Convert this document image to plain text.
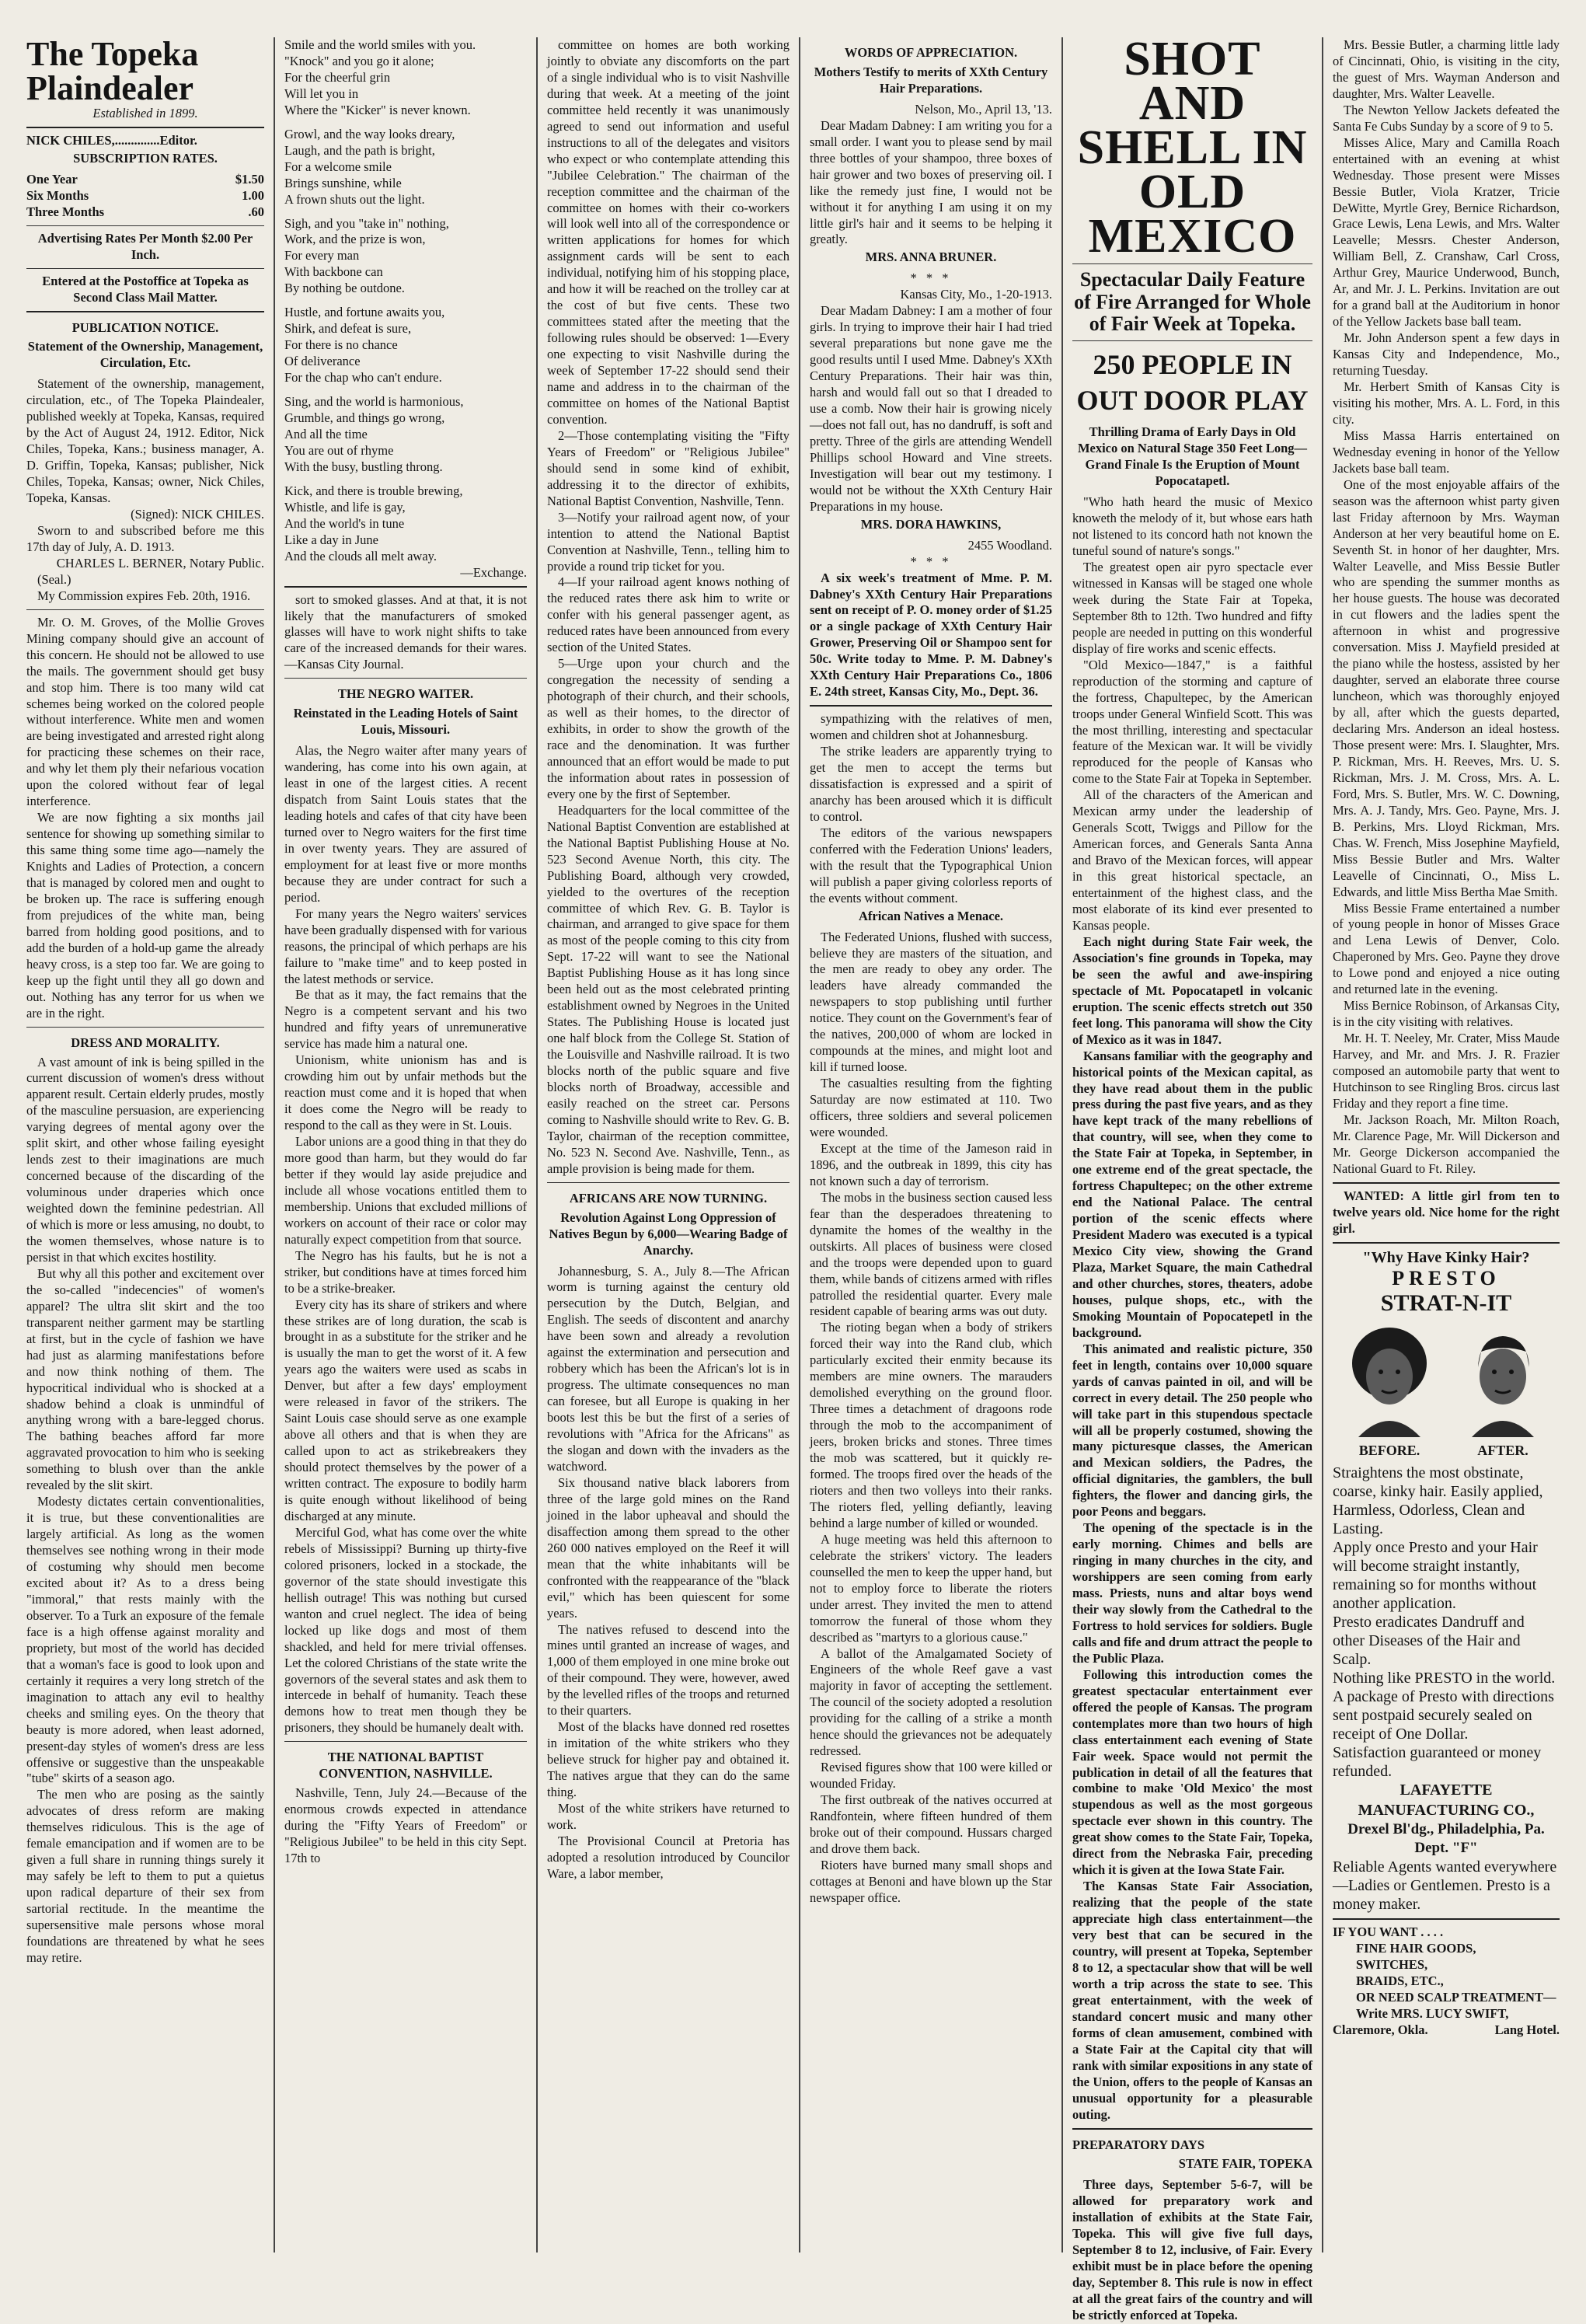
The Topeka Plaindealer

Established in 1899.

NICK CHILES,..............Editor.

SUBSCRIPTION RATES.

One Year	$1.50

Six Months	1.00

Three Months	.60

Advertising Rates Per Month $2.00 Per Inch.

Entered at the Postoffice at Topeka as Second Class Mail Matter.

PUBLICATION NOTICE.

Statement of the Ownership, Management, Circulation, Etc.

Statement of the ownership, management, circulation, etc., of The Topeka Plaindealer, published weekly at Topeka, Kansas, required by the Act of August 24, 1912. Editor, Nick Chiles, Topeka, Kans.; business manager, A. D. Griffin, Topeka, Kansas; publisher, Nick Chiles, Topeka, Kansas; owner, Nick Chiles, Topeka, Kansas.

(Signed): NICK CHILES.

Sworn to and subscribed before me this 17th day of July, A. D. 1913.

CHARLES L. BERNER, Notary Public.

(Seal.)

My Commission expires Feb. 20th, 1916.

Mr. O. M. Groves, of the Mollie Groves Mining company should give an account of this concern. He should not be allowed to use the mails. The government should get busy and stop him. There is too many wild cat schemes being worked on the colored people without interference. White men and women are being investigated and arrested right along for practicing these schemes on their race, and why let them ply their nefarious vocation upon the colored without fear of legal interference.

We are now fighting a six months jail sentence for showing up something similar to this same thing some time ago—namely the Knights and Ladies of Protection, a concern that is managed by colored men and ought to be broken up. The race is suffering enough from prejudices of the white man, being barred from holding good positions, and to add the burden of a hold-up game the already heavy cross, is a step too far. We are going to keep up the fight until they all go down and out. Nothing has any terror for us when we are in the right.

DRESS AND MORALITY.

A vast amount of ink is being spilled in the current discussion of women's dress without apparent result. Certain elderly prudes, mostly of the masculine persuasion, are experiencing varying degrees of mental agony over the split skirt, and other whose failing eyesight lends zest to their imaginations are much concerned because of the discarding of the voluminous under draperies which once weighted down the feminine pedestrian. All of which is more or less amusing, no doubt, to the women themselves, whose nature is to persist in that which excites hostility.

But why all this pother and excitement over the so-called "indecencies" of women's apparel? The ultra slit skirt and the too transparent neither garment may be startling at first, but in the cycle of fashion we have had just as alarming manifestations before and now think nothing of them. The hypocritical individual who is shocked at a shadow behind a cloak is unmindful of anything wrong with a bare-legged chorus. The bathing beaches afford far more aggravated provocation to him who is seeking something to blush over than the ankle revealed by the slit skirt.

Modesty dictates certain conventionalities, it is true, but these conventionalities are largely artificial. As long as the women themselves see nothing wrong in their mode of costuming why should men become excited about it? As to a dress being "immoral," that rests mainly with the observer. To a Turk an exposure of the female face is a high offense against morality and propriety, but most of the world has decided that a woman's face is good to look upon and certainly it requires a very long stretch of the imagination to attach any evil to healthy cheeks and smiling eyes. On the theory that beauty is more adored, when least adorned, present-day styles of women's dress are less offensive or suggestive than the unspeakable "tube" skirts of a season ago.

The men who are posing as the saintly advocates of dress reform are making themselves ridiculous. This is the age of female emancipation and if women are to be given a full share in running things surely it may safely be left to them to put a quietus upon radical departure of their sex from sartorial rectitude. In the meantime the supersensitive male persons whose moral foundations are threatened by what he sees may retire.

Smile and the world smiles with you.

"Knock" and you go it alone;

For the cheerful grin

Will let you in

Where the "Kicker" is never known.

Growl, and the way looks dreary,

Laugh, and the path is bright,

For a welcome smile

Brings sunshine, while

A frown shuts out the light.

Sigh, and you "take in" nothing,

Work, and the prize is won,

For every man

With backbone can

By nothing be outdone.

Hustle, and fortune awaits you,

Shirk, and defeat is sure,

For there is no chance

Of deliverance

For the chap who can't endure.

Sing, and the world is harmonious,

Grumble, and things go wrong,

And all the time

You are out of rhyme

With the busy, bustling throng.

Kick, and there is trouble brewing,

Whistle, and life is gay,

And the world's in tune

Like a day in June

And the clouds all melt away.

—Exchange.

sort to smoked glasses. And at that, it is not likely that the manufacturers of smoked glasses will have to work night shifts to take care of the increased demands for their wares.—Kansas City Journal.

THE NEGRO WAITER.

Reinstated in the Leading Hotels of Saint Louis, Missouri.

Alas, the Negro waiter after many years of wandering, has come into his own again, at least in one of the largest cities. A recent dispatch from Saint Louis states that the leading hotels and cafes of that city have been turned over to Negro waiters for the first time in over twenty years. They are assured of employment for at least five or more months because they are under contract for such a period.

For many years the Negro waiters' services have been gradually dispensed with for various reasons, the principal of which perhaps are his failure to "make time" and to keep posted in the latest methods or service.

Be that as it may, the fact remains that the Negro is a competent servant and his two hundred and fifty years of unremunerative service has made him a natural one.

Unionism, white unionism has and is crowding him out by unfair methods but the reaction must come and it is hoped that when it does come the Negro will be ready to respond to the call as they were in St. Louis.

Labor unions are a good thing in that they do more good than harm, but they would do far better if they would lay aside prejudice and include all whose vocations entitled them to membership. Unions that excluded millions of workers on account of their race or color may naturally expect competition from that source.

The Negro has his faults, but he is not a striker, but conditions have at times forced him to be a strike-breaker.

Every city has its share of strikers and where these strikes are of long duration, the scab is brought in as a substitute for the striker and he is usually the man to get the worst of it. A few years ago the waiters were used as scabs in Denver, but after a few days' employment were released in favor of the strikers. The Saint Louis case should serve as one example above all others and that is when they are called upon to act as strikebreakers they should protect themselves by the power of a written contract. The exposure to bodily harm is quite enough without likelihood of being discharged at any minute.

Merciful God, what has come over the white rebels of Mississippi? Burning up thirty-five colored prisoners, locked in a stockade, the governor of the state should investigate this hellish outrage! This was nothing but cursed wanton and cruel neglect. The idea of being locked up like dogs and most of them shackled, and held for mere trivial offenses. Let the colored Christians of the state write the governors of the several states and ask them to intercede in behalf of humanity. Teach these demons how to treat men though they be prisoners, they should be humanely dealt with.

THE NATIONAL BAPTIST CONVENTION, NASHVILLE.

Nashville, Tenn, July 24.—Because of the enormous crowds expected in attendance during the "Fifty Years of Freedom" or "Religious Jubilee" to be held in this city Sept. 17th to

committee on homes are both working jointly to obviate any discomforts on the part of a single individual who is to visit Nashville during that week. At a meeting of the joint committee held recently it was unanimously agreed to send out information and useful instructions to all of the delegates and visitors who expect or who contemplate attending this "Jubilee Celebration." The chairman of the reception committee and the chairman of the committee on homes with their co-workers will look well into all of the correspondence or written applications for homes for which assignment cards will be sent to each individual, notifying him of his stopping place, and how it will be reached on the trolley car at the cost of but five cents. These two committees stated after the meeting that the following rules should be observed: 1—Every one expecting to visit Nashville during the week of September 17-22 should send their name and address in to the chairman of the committee on homes of the National Baptist convention.

2—Those contemplating visiting the "Fifty Years of Freedom" or "Religious Jubilee" should send in some kind of exhibit, addressing it to the director of exhibits, National Baptist Convention, Nashville, Tenn.

3—Notify your railroad agent now, of your intention to attend the National Baptist Convention at Nashville, Tenn., telling him to provide a round trip ticket for you.

4—If your railroad agent knows nothing of the reduced rates there ask him to write or confer with his general passenger agent, as reduced rates have been announced from every section of the United States.

5—Urge upon your church and the congregation the necessity of sending a photograph of their church, and their schools, as well as their homes, to the director of exhibits, in order to show the growth of the race and the denomination. It was further announced that an effort would be made to put the information about rates in possession of every one by the first of September.

Headquarters for the local committee of the National Baptist Convention are established at the National Baptist Publishing House at No. 523 Second Avenue North, this city. The Publishing Board, although very crowded, yielded to the overtures of the reception committee of which Rev. G. B. Taylor is chairman, and arranged to give space for them as most of the people coming to this city from Sept. 17-22 will want to see the National Baptist Publishing House as it has long since been held out as the most celebrated printing establishment owned by Negroes in the United States. The Publishing House is located just one half block from the College St. Station of the Louisville and Nashville railroad. It is two blocks north of the public square and five blocks north of Broadway, accessible and easily reached on the street car. Persons coming to Nashville should write to Rev. G. B. Taylor, chairman of the reception committee, No. 523 N. Second Ave. Nashville, Tenn., as ample provision is being made for them.

AFRICANS ARE NOW TURNING.

Revolution Against Long Oppression of Natives Begun by 6,000—Wearing Badge of Anarchy.

Johannesburg, S. A., July 8.—The African worm is turning against the century old persecution by the Dutch, Belgian, and English. The seeds of discontent and anarchy have been sown and already a revolution against the extermination and persecution and robbery which has been the African's lot is in progress. The ultimate consequences no man can foresee, but all Europe is quaking in her boots lest this be but the first of a series of revolutions with "Africa for the Africans" as the slogan and down with the invaders as the watchword.

Six thousand native black laborers from three of the large gold mines on the Rand joined in the labor upheaval and should the disaffection among them spread to the other 260 000 natives employed on the Reef it will mean that the white inhabitants will be confronted with the reappearance of the "black evil," which has been quiescent for some years.

The natives refused to descend into the mines until granted an increase of wages, and 1,000 of them employed in one mine broke out of their compound. They were, however, awed by the levelled rifles of the troops and returned to their quarters.

Most of the blacks have donned red rosettes in imitation of the white strikers who they believe struck for higher pay and obtained it. The natives argue that they can do the same thing.

Most of the white strikers have returned to work.

The Provisional Council at Pretoria has adopted a resolution introduced by Councilor Ware, a labor member,

WORDS OF APPRECIATION.

Mothers Testify to merits of XXth Century Hair Preparations.

Nelson, Mo., April 13, '13.

Dear Madam Dabney: I am writing you for a small order. I want you to please send by mail three bottles of your shampoo, three boxes of hair grower and two boxes of preserving oil. I like the remedy just fine, I would not be without it for anything I am using it on my little girl's hair and it seems to be helping it greatly.

MRS. ANNA BRUNER.

* * *

Kansas City, Mo., 1-20-1913.

Dear Madam Dabney: I am a mother of four girls. In trying to improve their hair I had tried several preparations but none gave me the good results until I used Mme. Dabney's XXth Century Preparations. Their hair was thin, harsh and would fall out so that I dreaded to use a comb. Now their hair is growing nicely—does not fall out, has no dandruff, is soft and pretty. Three of the girls are attending Wendell Phillips school Howard and Vine streets. Investigation will bear out my testimony. I would not be without the XXth Century Hair Preparations in my house.

MRS. DORA HAWKINS,

2455 Woodland.

* * *

A six week's treatment of Mme. P. M. Dabney's XXth Century Hair Preparations sent on receipt of P. O. money order of $1.25 or a single package of XXth Century Hair Grower, Preserving Oil or Shampoo sent for 50c. Write today to Mme. P. M. Dabney's XXth Century Hair Preparations Co., 1806 E. 24th street, Kansas City, Mo., Dept. 36.

sympathizing with the relatives of men, women and children shot at Johannesburg.

The strike leaders are apparently trying to get the men to accept the terms but dissatisfaction is expressed and a spirit of anarchy has been aroused which it is difficult to control.

The editors of the various newspapers conferred with the Federation Unions' leaders, with the result that the Typographical Union will publish a paper giving colorless reports of the events without comment.

African Natives a Menace.

The Federated Unions, flushed with success, believe they are masters of the situation, and the men are ready to obey any order. The leaders have already commanded the newspapers to stop publishing until further notice. They count on the Government's fear of the natives, 200,000 of whom are locked in compounds at the mines, and might loot and kill if turned loose.

The casualties resulting from the fighting Saturday are now estimated at 110. Two officers, three soldiers and several policemen were wounded.

Except at the time of the Jameson raid in 1896, and the outbreak in 1899, this city has not known such a day of terrorism.

The mobs in the business section caused less fear than the desperadoes threatening to dynamite the homes of the wealthy in the outskirts. All places of business were closed and the troops were depended upon to guard them, while bands of citizens armed with rifles patrolled the residential quarter. Every male resident capable of bearing arms was out duty.

The rioting began when a body of strikers forced their way into the Rand club, which particularly excited their enmity because its members are mine owners. The marauders demolished everything on the ground floor. Three times a detachment of dragoons rode through the mob to the accompaniment of jeers, broken bricks and stones. Three times the mob was scattered, but it quickly re-formed. The troops fired over the heads of the rioters and then two volleys into their ranks. The rioters fled, yelling defiantly, leaving behind a large number of killed or wounded.

A huge meeting was held this afternoon to celebrate the strikers' victory. The leaders counselled the men to keep the upper hand, but not to employ force to liberate the rioters under arrest. They invited the men to attend tomorrow the funeral of those whom they described as "martyrs to a glorious cause."

A ballot of the Amalgamated Society of Engineers of the whole Reef gave a vast majority in favor of accepting the settlement. The council of the society adopted a resolution providing for the calling of a strike a month hence should the grievances not be adequately redressed.

Revised figures show that 100 were killed or wounded Friday.

The first outbreak of the natives occurred at Randfontein, where fifteen hundred of them broke out of their compound. Hussars charged and drove them back.

Rioters have burned many small shops and cottages at Benoni and have blown up the Star newspaper office.

SHOT AND SHELL IN OLD MEXICO

Spectacular Daily Feature of Fire Arranged for Whole of Fair Week at Topeka.

250 PEOPLE IN OUT DOOR PLAY

Thrilling Drama of Early Days in Old Mexico on Natural Stage 350 Feet Long—Grand Finale Is the Eruption of Mount Popocatapetl.

"Who hath heard the music of Mexico knoweth the melody of it, but whose ears hath not listened to its concord hath not known the tuneful sound of nature's songs."

The greatest open air pyro spectacle ever witnessed in Kansas will be staged one whole week during the State Fair at Topeka, September 8th to 12th. Two hundred and fifty people are needed in putting on this wonderful display of fire works and scenic effects.

"Old Mexico—1847," is a faithful reproduction of the storming and capture of the fortress, Chapultepec, by the American troops under General Winfield Scott. This was the most thrilling, interesting and spectacular feature of the Mexican war. It will be vividly reproduced for the people of Kansas who come to the State Fair at Topeka in September.

All of the characters of the American and Mexican army under the leadership of Generals Scott, Twiggs and Pillow for the American forces, and Generals Santa Anna and Bravo of the Mexican forces, will appear in this great historical spectacle, an entertainment of the highest class, and the most elaborate of its kind ever presented to Kansas people.

Each night during State Fair week, the Association's fine grounds in Topeka, may be seen the awful and awe-inspiring spectacle of Mt. Popocatapetl in volcanic eruption. The scenic effects stretch out 350 feet long. This panorama will show the City of Mexico as it was in 1847.

Kansans familiar with the geography and historical points of the Mexican capital, as they have read about them in the public press during the past five years, and as they have kept track of the many rebellions of that country, will see, when they come to the State Fair at Topeka, in September, in one extreme end of the great spectacle, the fortress Chapultepec; on the other extreme end the National Palace. The central portion of the scenic effects where President Madero was executed is a typical Mexico City view, showing the Grand Plaza, Market Square, the main Cathedral and other churches, stores, theaters, adobe houses, pulque shops, etc., with the Smoking Mountain of Popocatepetl in the background.

This animated and realistic picture, 350 feet in length, contains over 10,000 square yards of canvas painted in oil, and will be correct in every detail. The 250 people who will take part in this stupendous spectacle will all be properly costumed, showing the many picturesque classes, the American and Mexican soldiers, the Padres, the official dignitaries, the gamblers, the bull fighters, the flower and dancing girls, the poor Peons and beggars.

The opening of the spectacle is in the early morning. Chimes and bells are ringing in many churches in the city, and worshippers are seen coming from early mass. Priests, nuns and altar boys wend their way slowly from the Cathedral to the Fortress to hold services for soldiers. Bugle calls and fife and drum attract the people to the Public Plaza.

Following this introduction comes the greatest spectacular entertainment ever offered the people of Kansas. The program contemplates more than two hours of high class entertainment each evening of State Fair week. Space would not permit the publication in detail of all the features that combine to make 'Old Mexico' the most stupendous as well as the most gorgeous spectacle ever shown in this country. The great show comes to the State Fair, Topeka, direct from the Nebraska Fair, preceding which it is given at the Iowa State Fair.

The Kansas State Fair Association, realizing that the people of the state appreciate high class entertainment—the very best that can be secured in the country, will present at Topeka, September 8 to 12, a spectacular show that will be well worth a trip across the state to see. This great entertainment, with the week of standard concert music and many other forms of clean amusement, combined with a State Fair at the Capital city that will rank with similar expositions in any state of the Union, offers to the people of Kansas an unusual opportunity for a pleasurable outing.

PREPARATORY DAYS

STATE FAIR, TOPEKA

Three days, September 5-6-7, will be allowed for preparatory work and installation of exhibits at the State Fair, Topeka. This will give five full days, September 8 to 12, inclusive, of Fair. Every exhibit must be in place before the opening day, September 8. This rule is now in effect at all the great fairs of the country and will be strictly enforced at Topeka.

Mrs. Bessie Butler, a charming little lady of Cincinnati, Ohio, is visiting in the city, the guest of Mrs. Wayman Anderson and daughter, Mrs. Walter Leavelle.

The Newton Yellow Jackets defeated the Santa Fe Cubs Sunday by a score of 9 to 5.

Misses Alice, Mary and Camilla Roach entertained with an evening at whist Wednesday. Those present were Misses Bessie Butler, Viola Kratzer, Tricie DeWitte, Myrtle Grey, Bernice Richardson, Grace Lewis, Lena Lewis, and Mrs. Walter Leavelle; Messrs. Chester Anderson, William Bell, Z. Cranshaw, Carl Cross, Arthur Grey, Maurice Underwood, Bunch, Ar, and Mr. J. L. Perkins. Invitation are out for a grand ball at the Auditorium in honor of the Yellow Jackets base ball team.

Mr. John Anderson spent a few days in Kansas City and Independence, Mo., returning Tuesday.

Mr. Herbert Smith of Kansas City is visiting his mother, Mrs. A. L. Ford, in this city.

Miss Massa Harris entertained on Wednesday evening in honor of the Yellow Jackets base ball team.

One of the most enjoyable affairs of the season was the afternoon whist party given last Friday afternoon by Mrs. Wayman Anderson at her very beautiful home on E. Seventh St. in honor of her daughter, Mrs. Walter Leavelle, and Miss Bessie Butler who are spending the summer months as her house guests. The house was decorated in cut flowers and the ladies spent the afternoon in whist and progressive conversation. Miss J. Mayfield presided at the piano while the hostess, assisted by her daughter, served an elaborate three course luncheon, which was thoroughly enjoyed by all, after which the guests departed, declaring Mrs. Anderson an ideal hostess. Those present were: Mrs. I. Slaughter, Mrs. P. Rickman, Mrs. H. Reeves, Mrs. U. S. Rickman, Mrs. J. M. Cross, Mrs. A. L. Ford, Mrs. S. Butler, Mrs. W. C. Downing, Mrs. A. J. Tandy, Mrs. Geo. Payne, Mrs. J. B. Perkins, Mrs. Lloyd Rickman, Mrs. Chas. W. French, Miss Josephine Mayfield, Miss Bessie Butler and Mrs. Walter Leavelle of Cincinnati, O., Miss L. Edwards, and little Miss Bertha Mae Smith.

Miss Bessie Frame entertained a number of young people in honor of Misses Grace and Lena Lewis of Denver, Colo. Chaperoned by Mrs. Geo. Payne they drove to Lowe pond and enjoyed a nice outing and returned late in the evening.

Miss Bernice Robinson, of Arkansas City, is in the city visiting with relatives.

Mr. H. T. Neeley, Mr. Crater, Miss Maude Harvey, and Mr. and Mrs. J. R. Frazier composed an automobile party that went to Hutchinson to see Ringling Bros. circus last Friday and they report a fine time.

Mr. Jackson Roach, Mr. Milton Roach, Mr. Clarence Page, Mr. Will Dickerson and Mr. George Dickerson accompanied the National Guard to Ft. Riley.

WANTED: A little girl from ten to twelve years old. Nice home for the right girl.

"Why Have Kinky Hair?

PRESTO

STRAT-N-IT

BEFORE.	AFTER.

Straightens the most obstinate, coarse, kinky hair. Easily applied, Harmless, Odorless, Clean and Lasting.

Apply once Presto and your Hair will become straight instantly, remaining so for months without another application.

Presto eradicates Dandruff and other Diseases of the Hair and Scalp.

Nothing like PRESTO in the world. A package of Presto with directions sent postpaid securely sealed on receipt of One Dollar.

Satisfaction guaranteed or money refunded.

LAFAYETTE MANUFACTURING CO.,

Drexel Bl'dg., Philadelphia, Pa. Dept. "F"

Reliable Agents wanted everywhere—Ladies or Gentlemen. Presto is a money maker.

IF YOU WANT . . . .

FINE HAIR GOODS,

SWITCHES,

BRAIDS, ETC.,

OR NEED SCALP TREATMENT—

Write MRS. LUCY SWIFT,

Claremore, Okla.	Lang Hotel.
